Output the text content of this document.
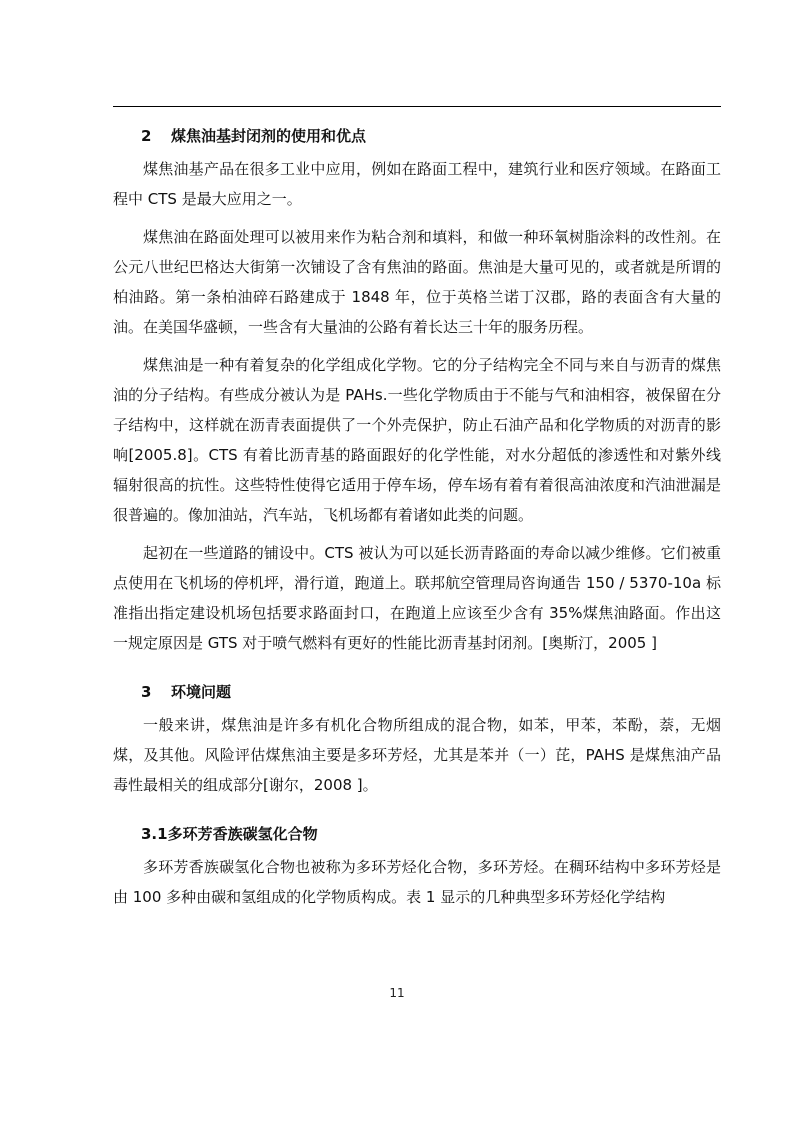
2	煤焦油基封闭剂的使用和优点

煤焦油基产品在很多工业中应用，例如在路面工程中，建筑行业和医疗领域。在路面工程中 CTS 是最大应用之一。

煤焦油在路面处理可以被用来作为粘合剂和填料，和做一种环氧树脂涂料的改性剂。在公元八世纪巴格达大街第一次铺设了含有焦油的路面。焦油是大量可见的，或者就是所谓的柏油路。第一条柏油碎石路建成于 1848 年，位于英格兰诺丁汉郡，路的表面含有大量的油。在美国华盛顿，一些含有大量油的公路有着长达三十年的服务历程。

煤焦油是一种有着复杂的化学组成化学物。它的分子结构完全不同与来自与沥青的煤焦油的分子结构。有些成分被认为是 PAHs.一些化学物质由于不能与气和油相容，被保留在分子结构中，这样就在沥青表面提供了一个外壳保护，防止石油产品和化学物质的对沥青的影响[2005.8]。CTS 有着比沥青基的路面跟好的化学性能，对水分超低的渗透性和对紫外线辐射很高的抗性。这些特性使得它适用于停车场，停车场有着有着很高油浓度和汽油泄漏是很普遍的。像加油站，汽车站，飞机场都有着诸如此类的问题。

起初在一些道路的铺设中。CTS 被认为可以延长沥青路面的寿命以减少维修。它们被重点使用在飞机场的停机坪，滑行道，跑道上。联邦航空管理局咨询通告 150 / 5370-10a 标准指出指定建设机场包括要求路面封口，在跑道上应该至少含有 35%煤焦油路面。作出这一规定原因是 GTS 对于喷气燃料有更好的性能比沥青基封闭剂。[奥斯汀，2005 ]

3	环境问题

一般来讲，煤焦油是许多有机化合物所组成的混合物，如苯，甲苯，苯酚，萘，无烟煤，及其他。风险评估煤焦油主要是多环芳烃，尤其是苯并（一）芘，PAHS 是煤焦油产品毒性最相关的组成部分[谢尔，2008 ]。

3.1 多环芳香族碳氢化合物

多环芳香族碳氢化合物也被称为多环芳烃化合物，多环芳烃。在稠环结构中多环芳烃是由 100 多种由碳和氢组成的化学物质构成。表 1 显示的几种典型多环芳烃化学结构

11
